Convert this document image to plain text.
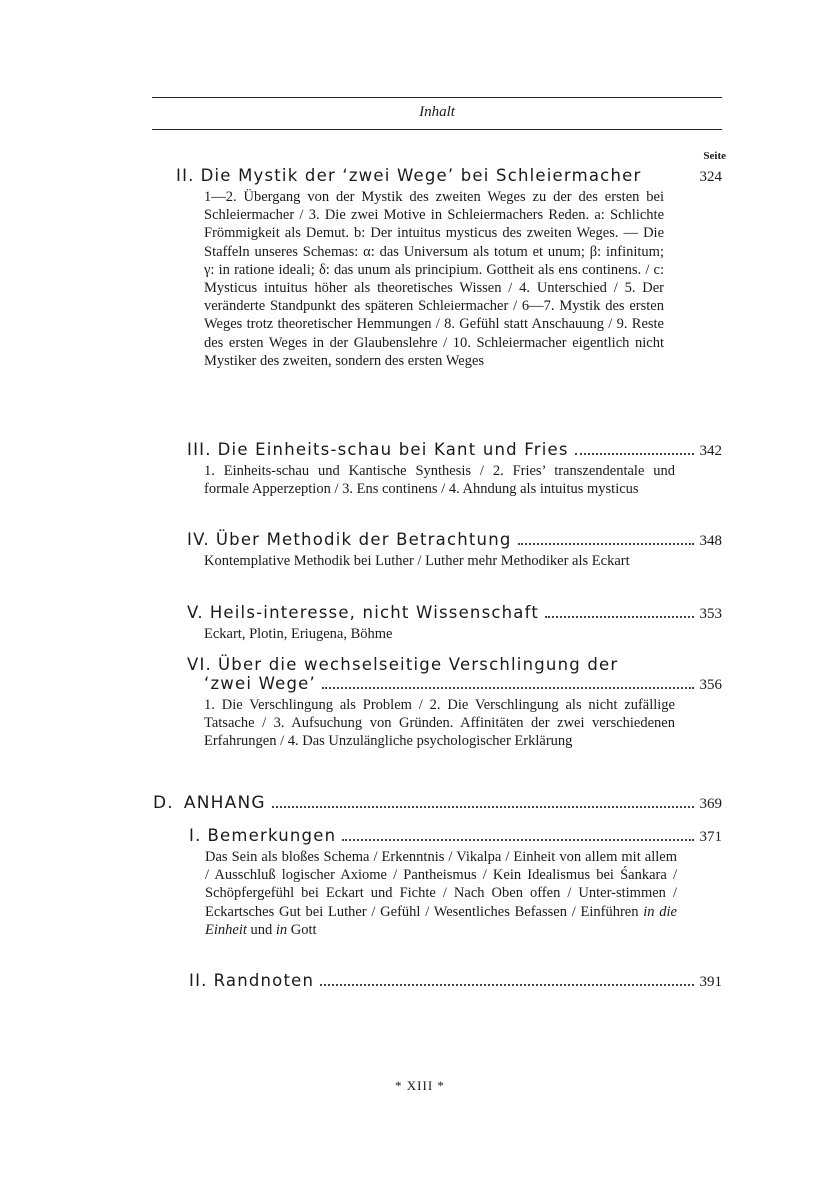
Inhalt
Seite
II. Die Mystik der ‘zwei Wege’ bei Schleiermacher	324
1—2. Übergang von der Mystik des zweiten Weges zu der des ersten bei Schleiermacher / 3. Die zwei Motive in Schleiermachers Reden. a: Schlichte Frömmigkeit als Demut. b: Der intuitus mysticus des zweiten Weges. — Die Staffeln unseres Schemas: α: das Universum als totum et unum; β: infinitum; γ: in ratione ideali; δ: das unum als principium. Gottheit als ens continens. / c: Mysticus intuitus höher als theoretisches Wissen / 4. Unterschied / 5. Der veränderte Standpunkt des späteren Schleiermacher / 6—7. Mystik des ersten Weges trotz theoretischer Hemmungen / 8. Gefühl statt Anschauung / 9. Reste des ersten Weges in der Glaubenslehre / 10. Schleiermacher eigentlich nicht Mystiker des zweiten, sondern des ersten Weges
III. Die Einheits-schau bei Kant und Fries	342
1. Einheits-schau und Kantische Synthesis / 2. Fries’ transzendentale und formale Apperzeption / 3. Ens continens / 4. Ahndung als intuitus mysticus
IV. Über Methodik der Betrachtung	348
Kontemplative Methodik bei Luther / Luther mehr Methodiker als Eckart
V. Heils-interesse, nicht Wissenschaft	353
Eckart, Plotin, Eriugena, Böhme
VI. Über die wechselseitige Verschlingung der
‘zwei Wege’	356
1. Die Verschlingung als Problem / 2. Die Verschlingung als nicht zufällige Tatsache / 3. Aufsuchung von Gründen. Affinitäten der zwei verschiedenen Erfahrungen / 4. Das Unzulängliche psychologischer Erklärung
D. ANHANG	369
I. Bemerkungen	371
Das Sein als bloßes Schema / Erkenntnis / Vikalpa / Einheit von allem mit allem / Ausschluß logischer Axiome / Pantheismus / Kein Idealismus bei Śankara / Schöpfergefühl bei Eckart und Fichte / Nach Oben offen / Unter-stimmen / Eckartsches Gut bei Luther / Gefühl / Wesentliches Befassen / Einführen in die Einheit und in Gott
II. Randnoten	391
* XIII *
